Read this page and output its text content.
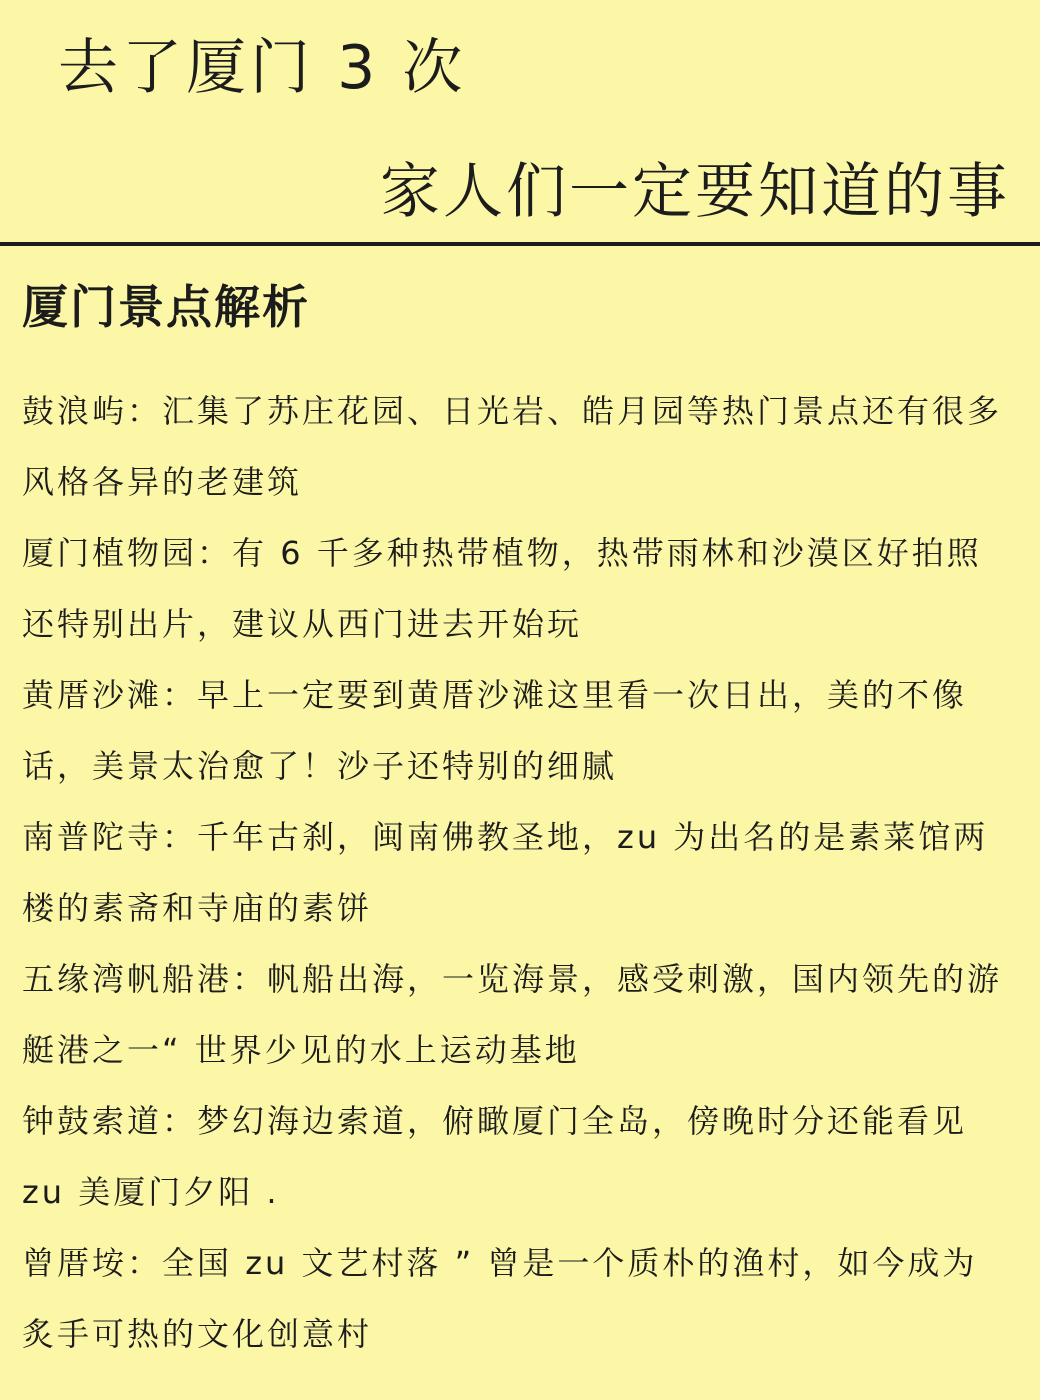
去了厦门 3 次
家人们一定要知道的事
厦门景点解析
鼓浪屿：汇集了苏庄花园、日光岩、皓月园等热门景点还有很多风格各异的老建筑
厦门植物园：有 6 千多种热带植物，热带雨林和沙漠区好拍照还特别出片，建议从西门进去开始玩
黄厝沙滩：早上一定要到黄厝沙滩这里看一次日出，美的不像话，美景太治愈了！沙子还特别的细腻
南普陀寺：千年古刹，闽南佛教圣地，zu 为出名的是素菜馆两楼的素斋和寺庙的素饼
五缘湾帆船港：帆船出海，一览海景，感受刺激，国内领先的游艇港之一“ 世界少见的水上运动基地
钟鼓索道：梦幻海边索道，俯瞰厦门全岛，傍晚时分还能看见 zu 美厦门夕阳 .
曾厝垵：全国 zu 文艺村落 ” 曾是一个质朴的渔村，如今成为炙手可热的文化创意村
